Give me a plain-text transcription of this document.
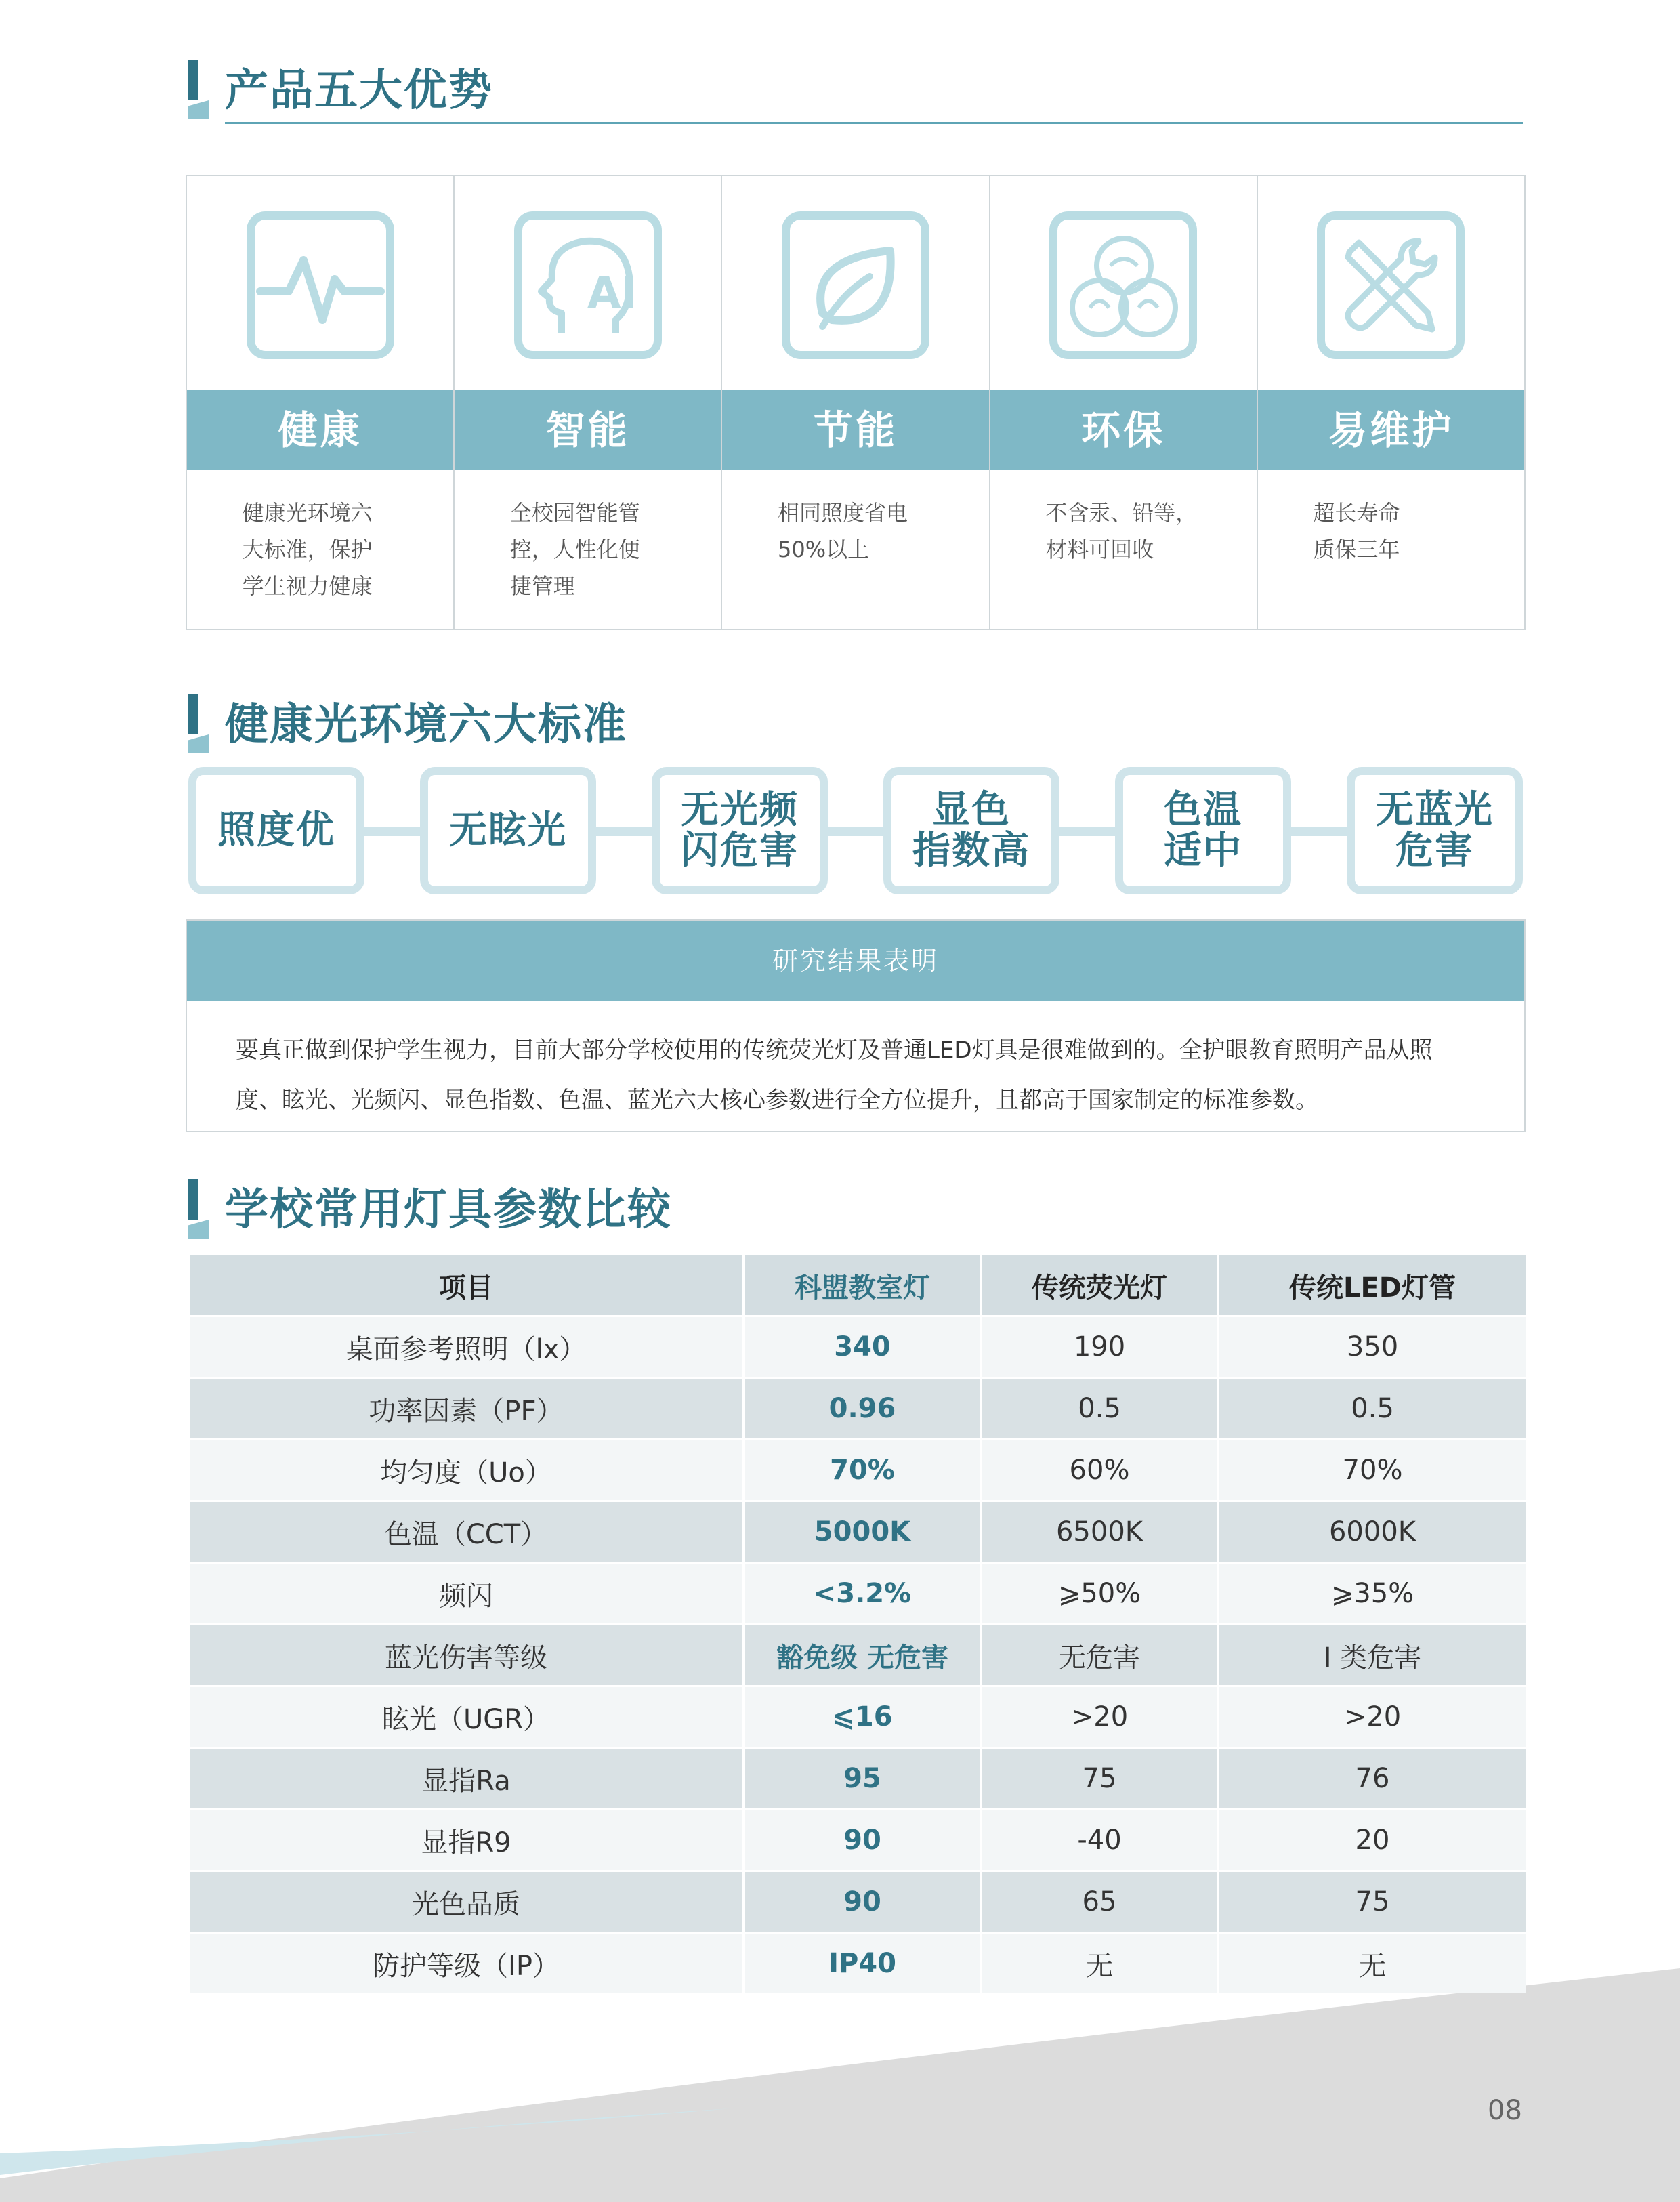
产品五大优势
健康
健康光环境六
大标准，保护
学生视力健康
AI
智能
全校园智能管
控，人性化便
捷管理
节能
相同照度省电
50%以上
环保
不含汞、铅等，
材料可回收
易维护
超长寿命
质保三年
健康光环境六大标准
照度优	无眩光	无光频
闪危害
显色
指数高
色温
适中
无蓝光
危害
研究结果表明
要真正做到保护学生视力，目前大部分学校使用的传统荧光灯及普通LED灯具是很难做到的。全护眼教育照明产品从照度、眩光、光频闪、显色指数、色温、蓝光六大核心参数进行全方位提升，且都高于国家制定的标准参数。
学校常用灯具参数比较
项目	科盟教室灯	传统荧光灯	传统LED灯管
桌面参考照明（lx）	340	190	350
功率因素（PF）	0.96	0.5	0.5
均匀度（Uo）	70%	60%	70%
色温（CCT）	5000K	6500K	6000K
频闪	<3.2%	⩾50%	⩾35%
蓝光伤害等级	豁免级 无危害	无危害	I 类危害
眩光（UGR）	⩽16	>20	>20
显指Ra	95	75	76
显指R9	90	-40	20
光色品质	90	65	75
防护等级（IP）	IP40	无	无
08
